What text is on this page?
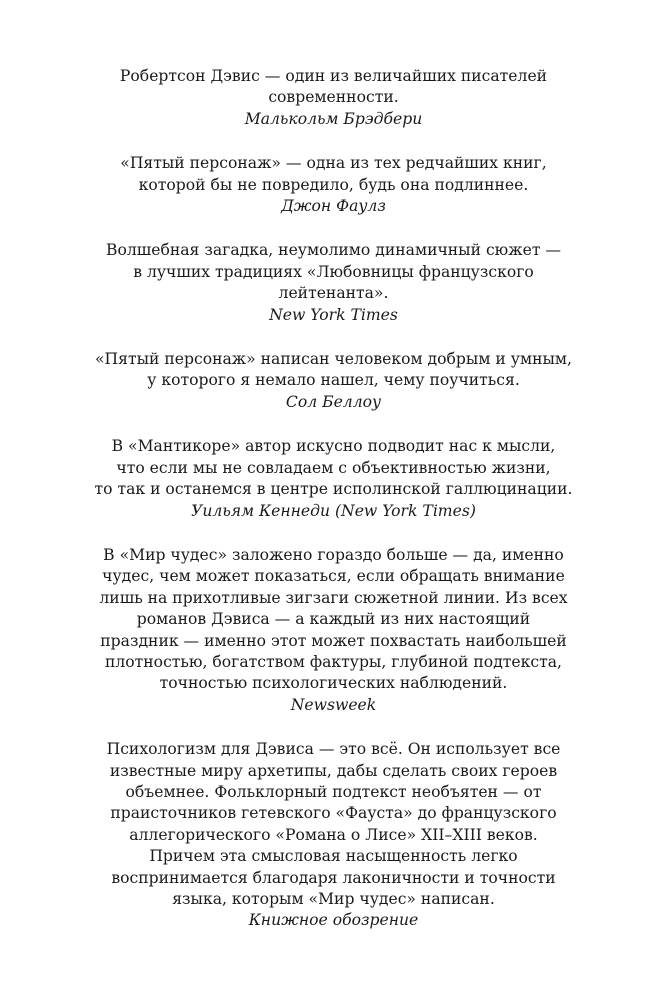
Робертсон Дэвис — один из величайших писателей
современности.
Малькольм Брэдбери
«Пятый персонаж» — одна из тех редчайших книг,
которой бы не повредило, будь она подлиннее.
Джон Фаулз
Волшебная загадка, неумолимо динамичный сюжет —
в лучших традициях «Любовницы французского
лейтенанта».
New York Times
«Пятый персонаж» написан человеком добрым и умным,
у которого я немало нашел, чему поучиться.
Сол Беллоу
В «Мантикоре» автор искусно подводит нас к мысли,
что если мы не совладаем с объективностью жизни,
то так и останемся в центре исполинской галлюцинации.
Уильям Кеннеди (New York Times)
В «Мир чудес» заложено гораздо больше — да, именно
чудес, чем может показаться, если обращать внимание
лишь на прихотливые зигзаги сюжетной линии. Из всех
романов Дэвиса — а каждый из них настоящий
праздник — именно этот может похвастать наибольшей
плотностью, богатством фактуры, глубиной подтекста,
точностью психологических наблюдений.
Newsweek
Психологизм для Дэвиса — это всё. Он использует все
известные миру архетипы, дабы сделать своих героев
объемнее. Фольклорный подтекст необъятен — от
праисточников гетевского «Фауста» до французского
аллегорического «Романа о Лисе» XII–XIII веков.
Причем эта смысловая насыщенность легко
воспринимается благодаря лаконичности и точности
языка, которым «Мир чудес» написан.
Книжное обозрение
